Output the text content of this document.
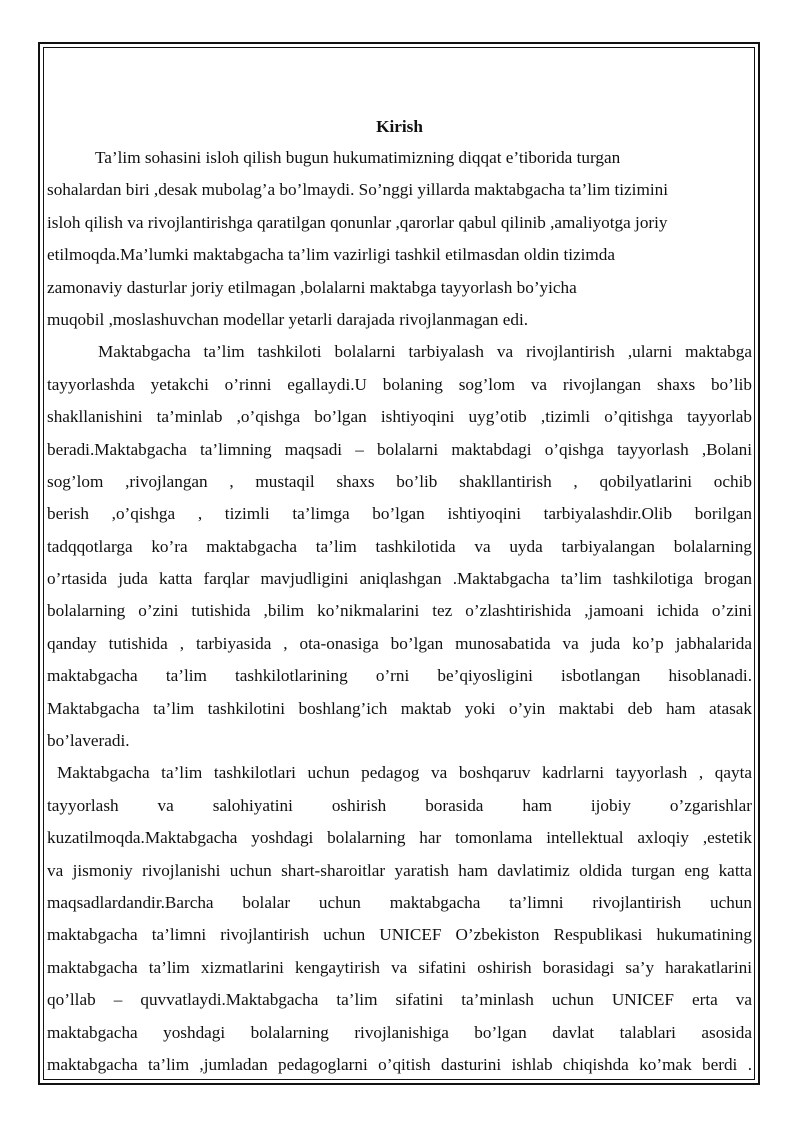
Kirish

Ta’lim sohasini isloh qilish bugun hukumatimizning diqqat e’tiborida turgan

sohalardan biri ,desak mubolag’a bo’lmaydi. So’nggi yillarda maktabgacha ta’lim tizimini

isloh qilish va rivojlantirishga qaratilgan qonunlar ,qarorlar qabul qilinib ,amaliyotga joriy

etilmoqda.Ma’lumki maktabgacha ta’lim vazirligi tashkil etilmasdan oldin tizimda

zamonaviy dasturlar joriy etilmagan ,bolalarni maktabga tayyorlash bo’yicha

muqobil ,moslashuvchan modellar yetarli darajada rivojlanmagan edi.

Maktabgacha ta’lim tashkiloti bolalarni tarbiyalash va rivojlantirish ,ularni maktabga

tayyorlashda yetakchi o’rinni egallaydi.U bolaning sog’lom va rivojlangan shaxs bo’lib

shakllanishini ta’minlab ,o’qishga bo’lgan ishtiyoqini uyg’otib ,tizimli o’qitishga tayyorlab

beradi.Maktabgacha ta’limning maqsadi – bolalarni maktabdagi o’qishga tayyorlash ,Bolani

sog’lom ,rivojlangan , mustaqil shaxs bo’lib shakllantirish , qobilyatlarini ochib

berish ,o’qishga , tizimli ta’limga bo’lgan ishtiyoqini tarbiyalashdir.Olib borilgan

tadqqotlarga ko’ra maktabgacha ta’lim tashkilotida va uyda tarbiyalangan bolalarning

o’rtasida juda katta farqlar mavjudligini aniqlashgan .Maktabgacha ta’lim tashkilotiga brogan

bolalarning o’zini tutishida ,bilim ko’nikmalarini tez o’zlashtirishida ,jamoani ichida o’zini

qanday tutishida , tarbiyasida , ota-onasiga bo’lgan munosabatida va juda ko’p jabhalarida

maktabgacha ta’lim tashkilotlarining o’rni be’qiyosligini isbotlangan hisoblanadi.

Maktabgacha ta’lim tashkilotini boshlang’ich maktab yoki o’yin maktabi deb ham atasak

bo’laveradi.

Maktabgacha ta’lim tashkilotlari uchun pedagog va boshqaruv kadrlarni tayyorlash , qayta

tayyorlash va salohiyatini oshirish borasida ham ijobiy o’zgarishlar

kuzatilmoqda.Maktabgacha yoshdagi bolalarning har tomonlama intellektual axloqiy ,estetik

va jismoniy rivojlanishi uchun shart-sharoitlar yaratish ham davlatimiz oldida turgan eng katta

maqsadlardandir.Barcha bolalar uchun maktabgacha ta’limni rivojlantirish uchun

maktabgacha ta’limni rivojlantirish uchun UNICEF O’zbekiston Respublikasi hukumatining

maktabgacha ta’lim xizmatlarini kengaytirish va sifatini oshirish borasidagi sa’y harakatlarini

qo’llab – quvvatlaydi.Maktabgacha ta’lim sifatini ta’minlash uchun UNICEF erta va

maktabgacha yoshdagi bolalarning rivojlanishiga bo’lgan davlat talablari asosida

maktabgacha ta’lim ,jumladan pedagoglarni o’qitish dasturini ishlab chiqishda ko’mak berdi .
